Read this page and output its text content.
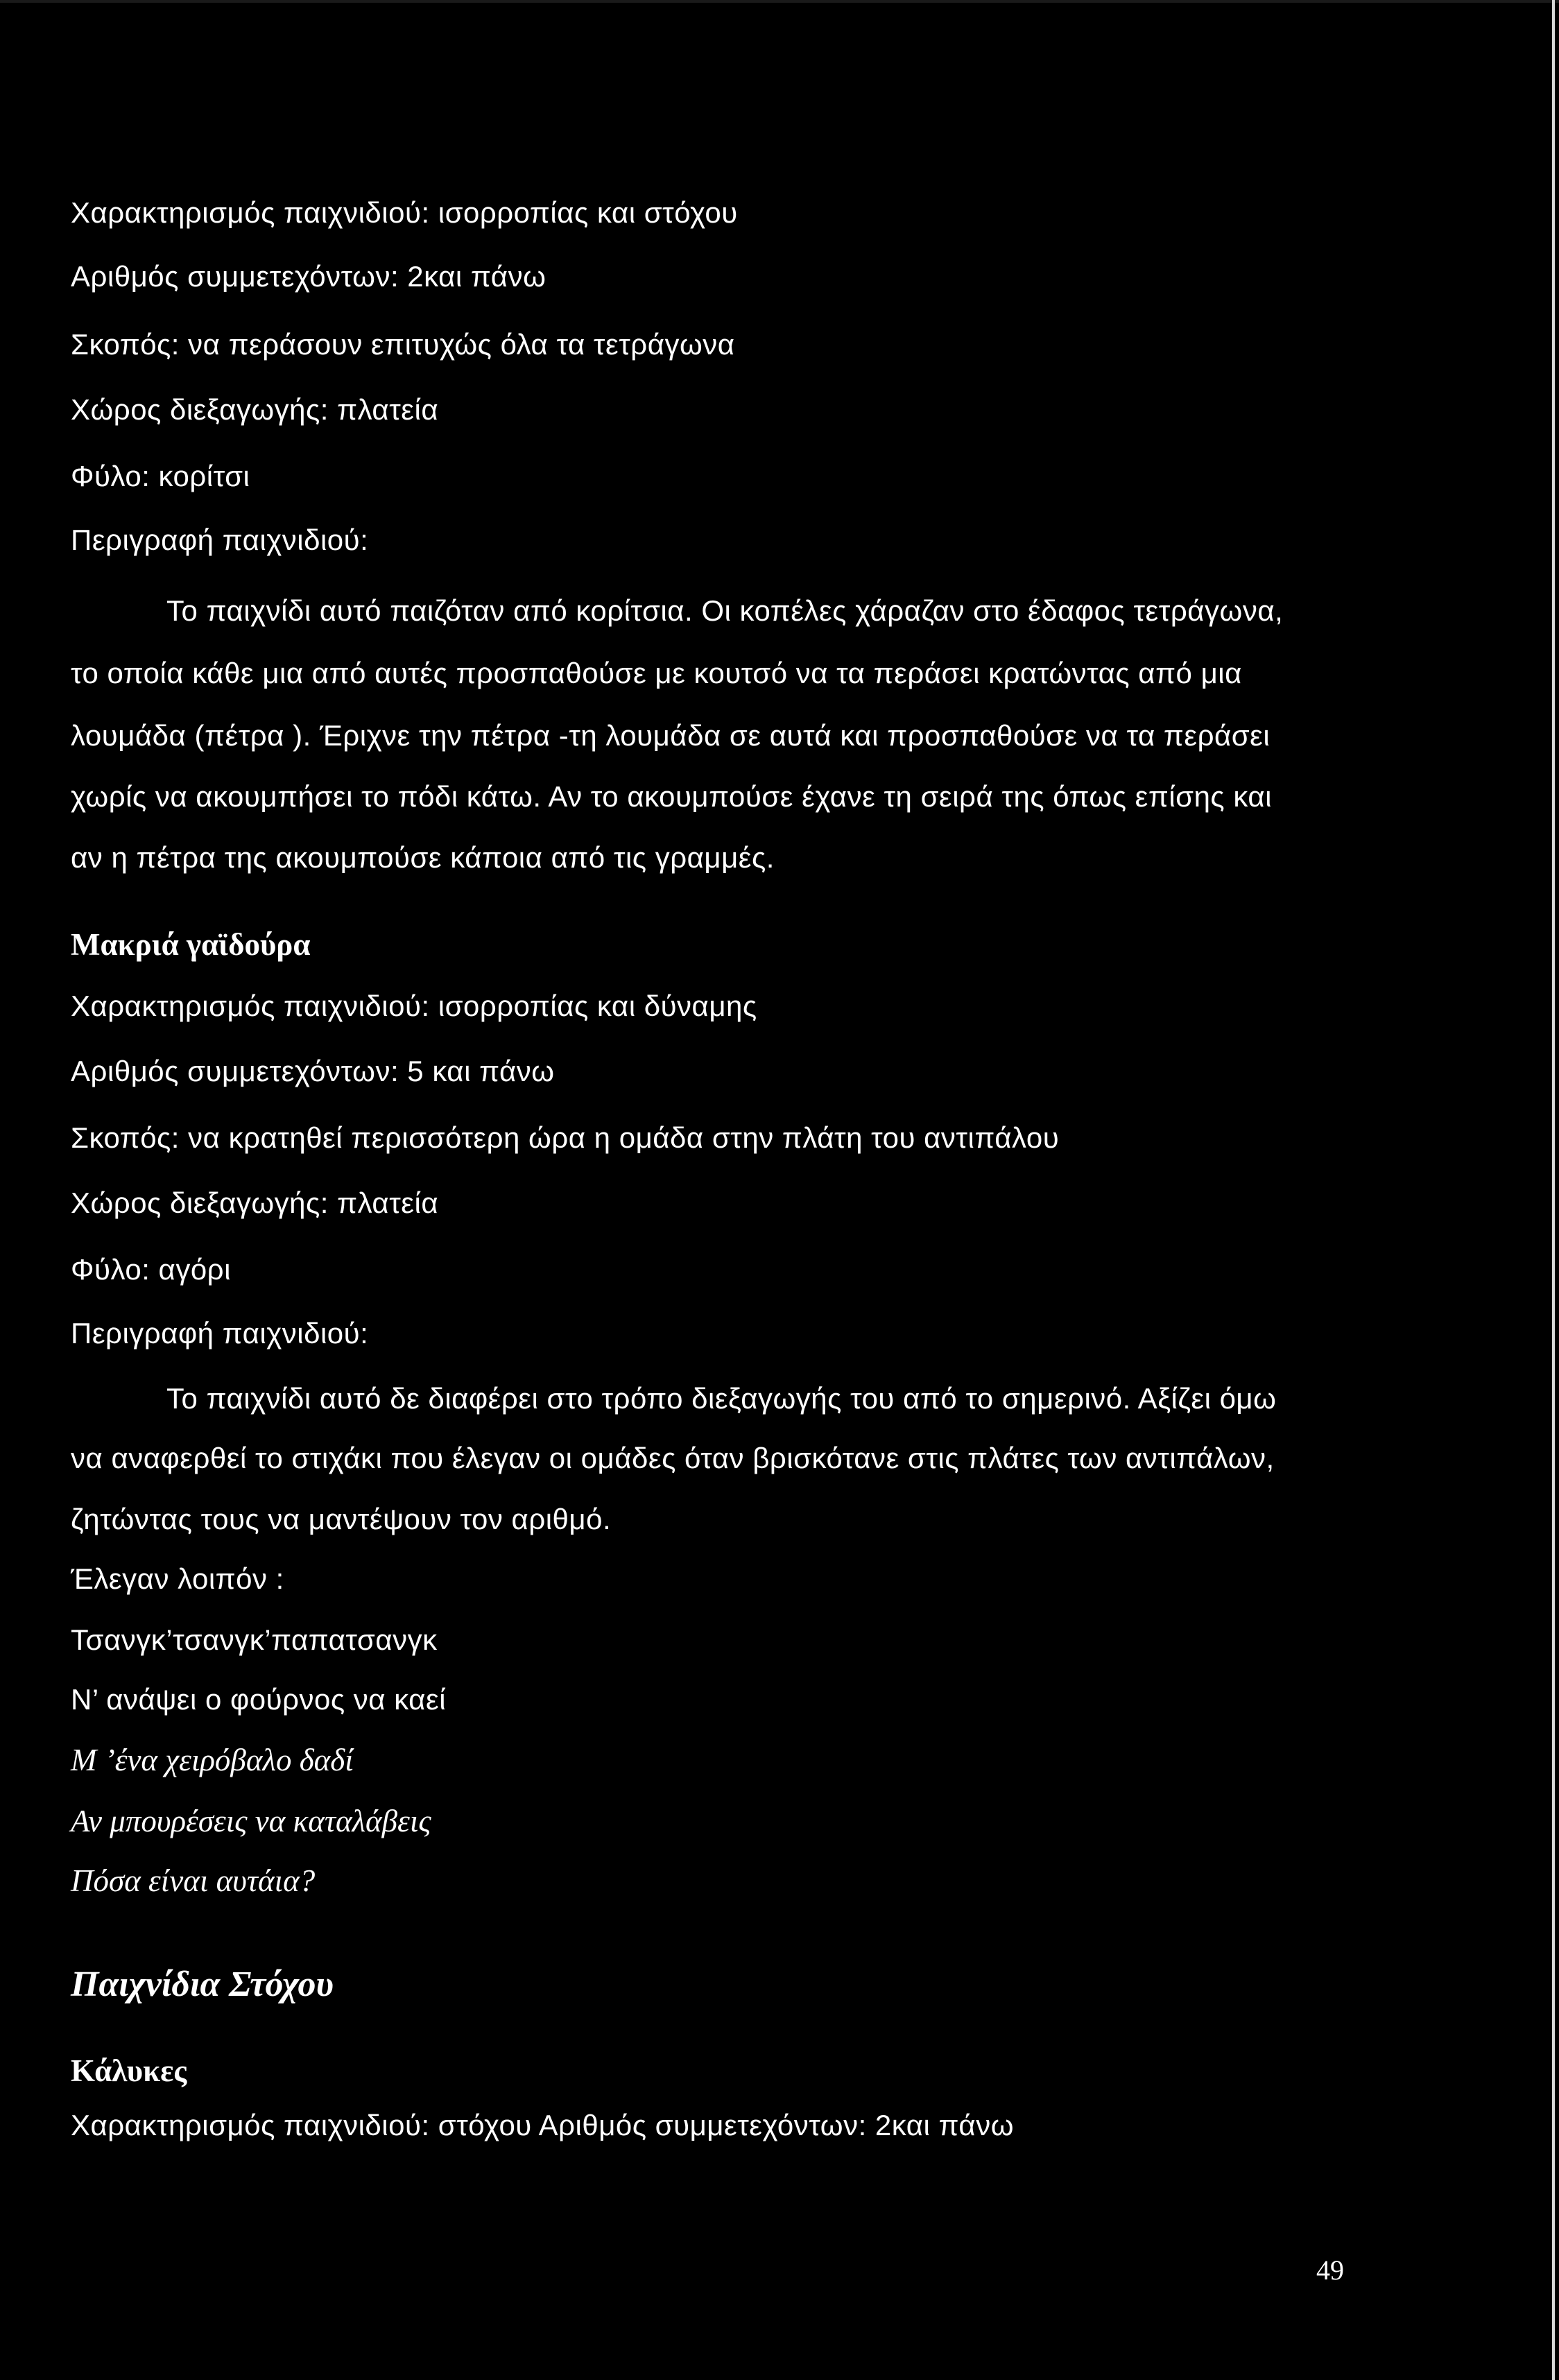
Χαρακτηρισμός παιχνιδιού: ισορροπίας και στόχου
Αριθμός συμμετεχόντων: 2και πάνω
Σκοπός: να περάσουν επιτυχώς όλα τα τετράγωνα
Χώρος διεξαγωγής: πλατεία
Φύλο: κορίτσι
Περιγραφή παιχνιδιού:
Το παιχνίδι αυτό παιζόταν από κορίτσια. Οι κοπέλες χάραζαν στο έδαφος τετράγωνα,
το οποία κάθε μια από αυτές προσπαθούσε με κουτσό να τα περάσει κρατώντας από μια
λουμάδα (πέτρα ). Έριχνε την πέτρα -τη λουμάδα σε αυτά και προσπαθούσε να τα περάσει
χωρίς να ακουμπήσει το πόδι κάτω. Αν το ακουμπούσε έχανε τη σειρά της όπως επίσης και
αν η πέτρα της ακουμπούσε κάποια από τις γραμμές.
Μακριά γαϊδούρα
Χαρακτηρισμός παιχνιδιού: ισορροπίας και δύναμης
Αριθμός συμμετεχόντων: 5 και πάνω
Σκοπός: να κρατηθεί περισσότερη ώρα η ομάδα στην πλάτη του αντιπάλου
Χώρος διεξαγωγής: πλατεία
Φύλο: αγόρι
Περιγραφή παιχνιδιού:
Το παιχνίδι αυτό δε διαφέρει στο τρόπο διεξαγωγής του από το σημερινό. Αξίζει όμω
να αναφερθεί το στιχάκι που έλεγαν οι ομάδες όταν βρισκότανε στις πλάτες των αντιπάλων,
ζητώντας τους να μαντέψουν τον αριθμό.
Έλεγαν λοιπόν :
Τσανγκ’τσανγκ’παπατσανγκ
Ν’ ανάψει ο φούρνος να καεί
Μ ’ένα χειρόβαλο δαδί
Αν μπουρέσεις να καταλάβεις
Πόσα είναι αυτάια?
Παιχνίδια Στόχου
Κάλυκες
Χαρακτηρισμός παιχνιδιού: στόχου Αριθμός συμμετεχόντων: 2και πάνω
49
